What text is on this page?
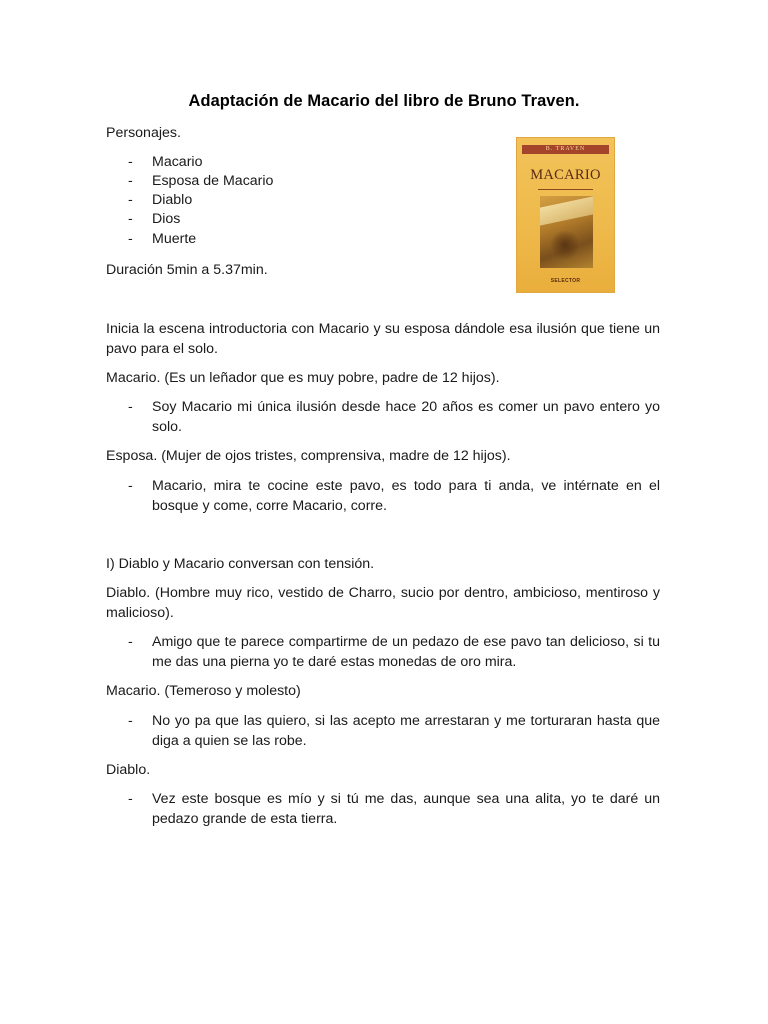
Adaptación de Macario del libro de Bruno Traven.
Personajes.
- Macario
- Esposa de Macario
- Diablo
- Dios
- Muerte
Duración 5min a 5.37min.
B. TRAVEN
MACARIO
SELECTOR
Inicia la escena introductoria con Macario y su esposa dándole esa ilusión que tiene un pavo para el solo.
Macario. (Es un leñador que es muy pobre, padre de 12 hijos).
- Soy Macario mi única ilusión desde hace 20 años es comer un pavo entero yo solo.
Esposa. (Mujer de ojos tristes, comprensiva, madre de 12 hijos).
- Macario, mira te cocine este pavo, es todo para ti anda, ve intérnate en el bosque y come, corre Macario, corre.
I) Diablo y Macario conversan con tensión.
Diablo. (Hombre muy rico, vestido de Charro, sucio por dentro, ambicioso, mentiroso y malicioso).
- Amigo que te parece compartirme de un pedazo de ese pavo tan delicioso, si tu me das una pierna yo te daré estas monedas de oro mira.
Macario. (Temeroso y molesto)
- No yo pa que las quiero, si las acepto me arrestaran y me torturaran hasta que diga a quien se las robe.
Diablo.
- Vez este bosque es mío y si tú me das, aunque sea una alita, yo te daré un pedazo grande de esta tierra.
